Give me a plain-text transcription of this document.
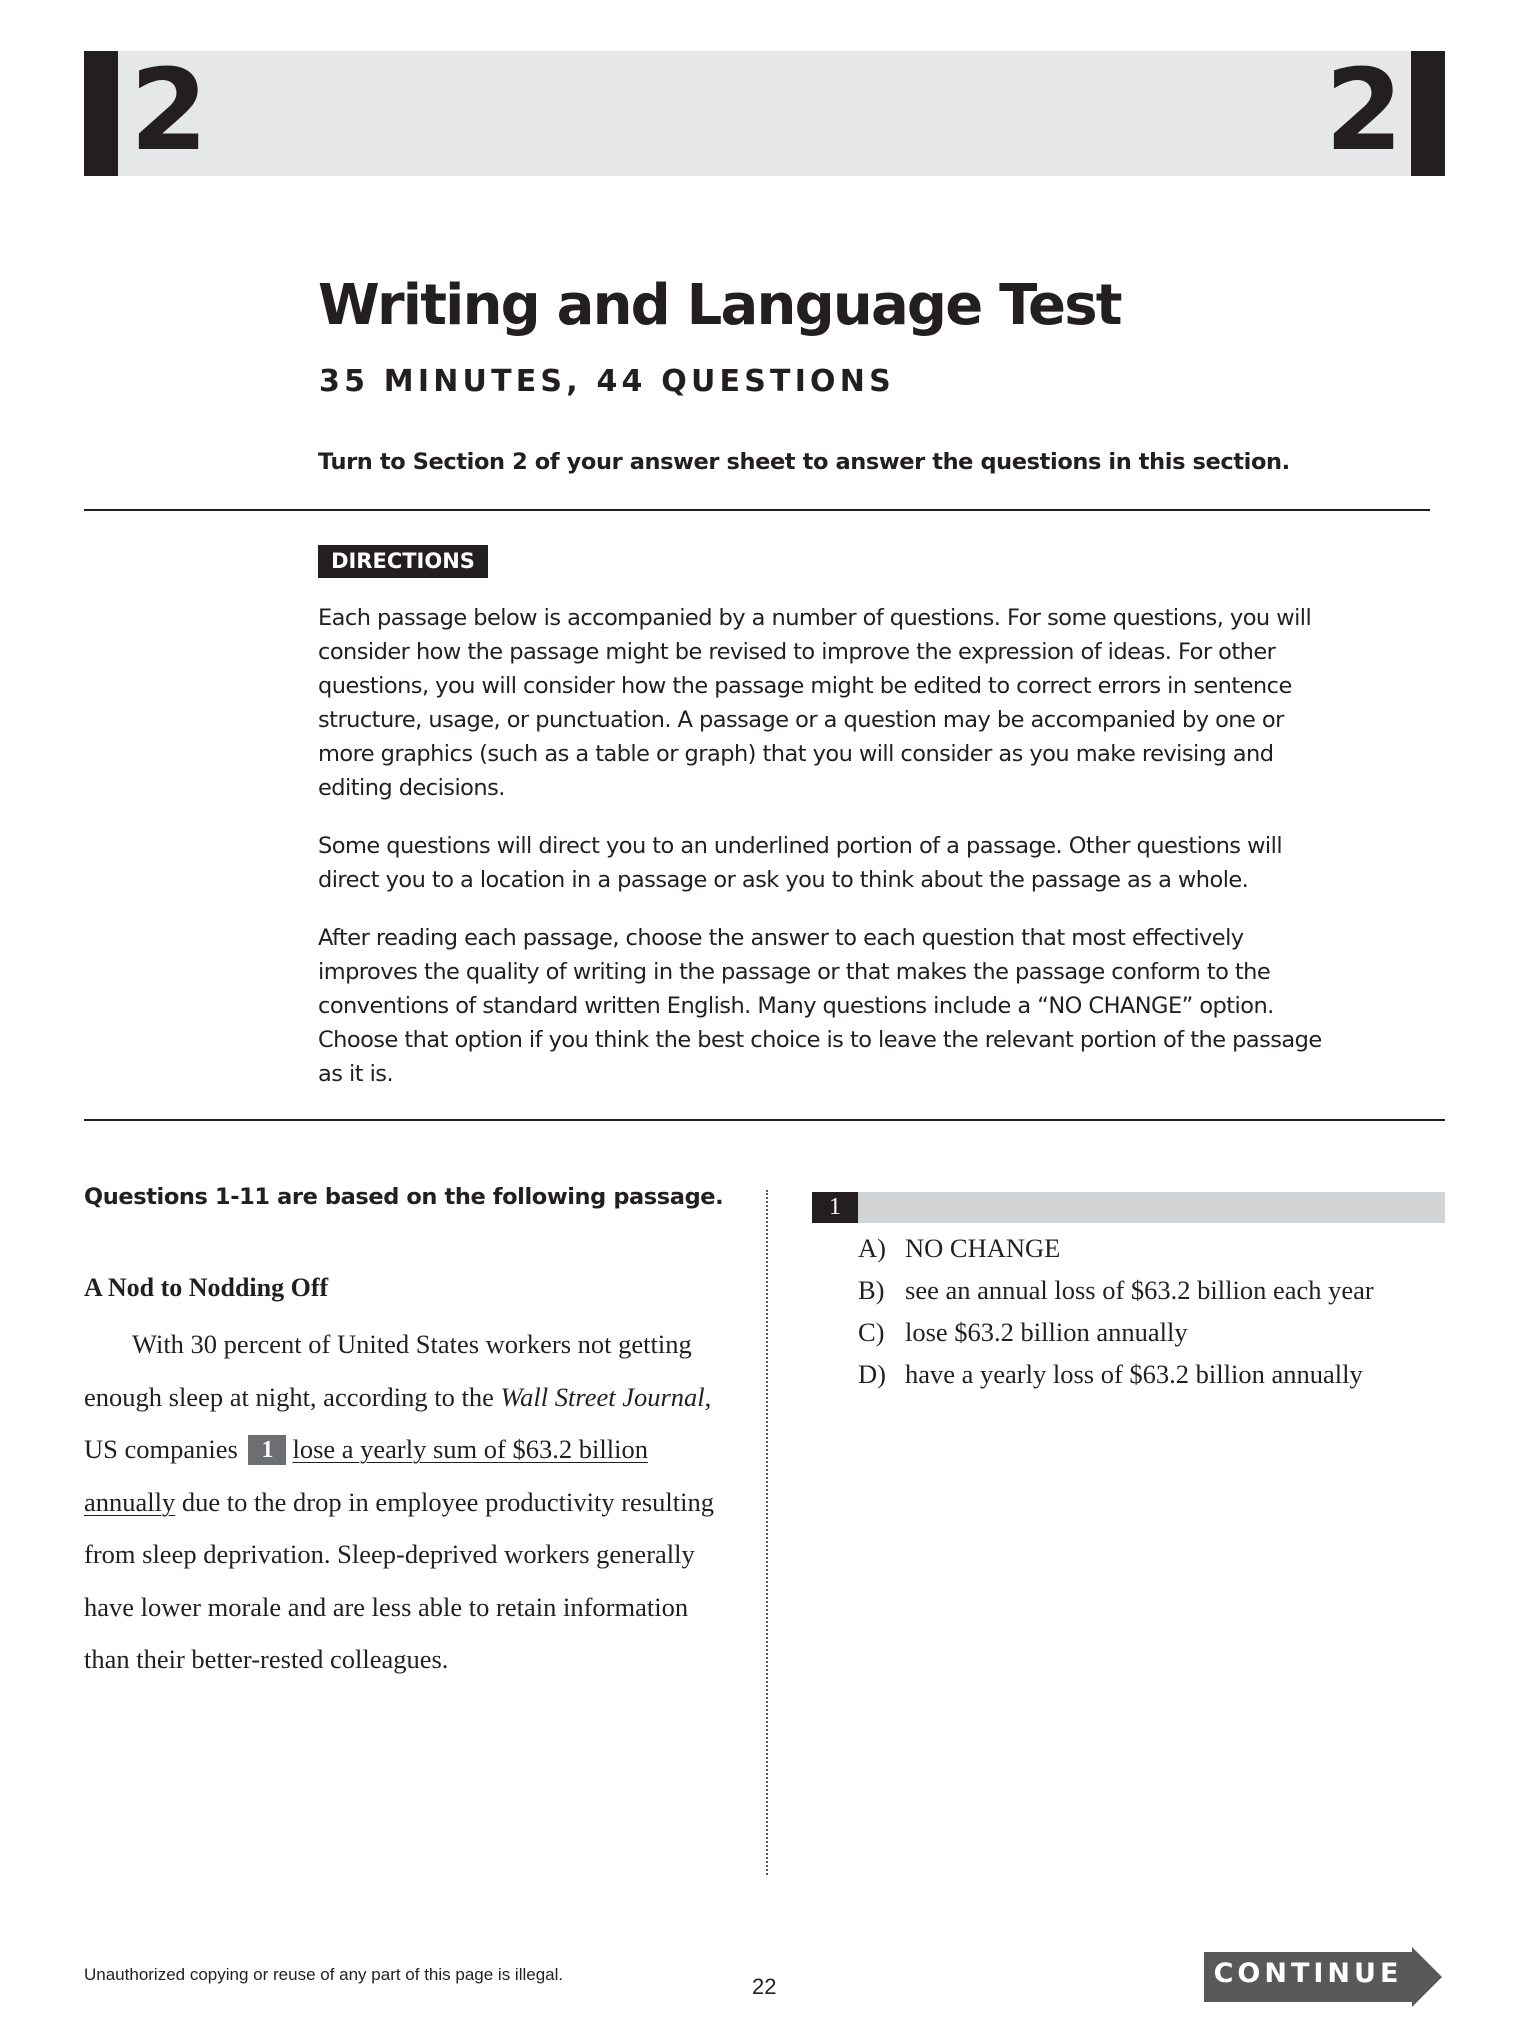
2	2
Writing and Language Test
35 MINUTES, 44 QUESTIONS
Turn to Section 2 of your answer sheet to answer the questions in this section.
DIRECTIONS

Each passage below is accompanied by a number of questions. For some questions, you will consider how the passage might be revised to improve the expression of ideas. For other questions, you will consider how the passage might be edited to correct errors in sentence structure, usage, or punctuation. A passage or a question may be accompanied by one or more graphics (such as a table or graph) that you will consider as you make revising and editing decisions.

Some questions will direct you to an underlined portion of a passage. Other questions will direct you to a location in a passage or ask you to think about the passage as a whole.

After reading each passage, choose the answer to each question that most effectively improves the quality of writing in the passage or that makes the passage conform to the conventions of standard written English. Many questions include a “NO CHANGE” option. Choose that option if you think the best choice is to leave the relevant portion of the passage as it is.

Questions 1-11 are based on the following passage.
A Nod to Nodding Off

With 30 percent of United States workers not getting enough sleep at night, according to the Wall Street Journal, US companies 1 lose a yearly sum of $63.2 billion annually due to the drop in employee productivity resulting from sleep deprivation. Sleep-deprived workers generally have lower morale and are less able to retain information than their better-rested colleagues.

1
A) NO CHANGE
B) see an annual loss of $63.2 billion each year
C) lose $63.2 billion annually
D) have a yearly loss of $63.2 billion annually
Unauthorized copying or reuse of any part of this page is illegal.	22	CONTINUE
